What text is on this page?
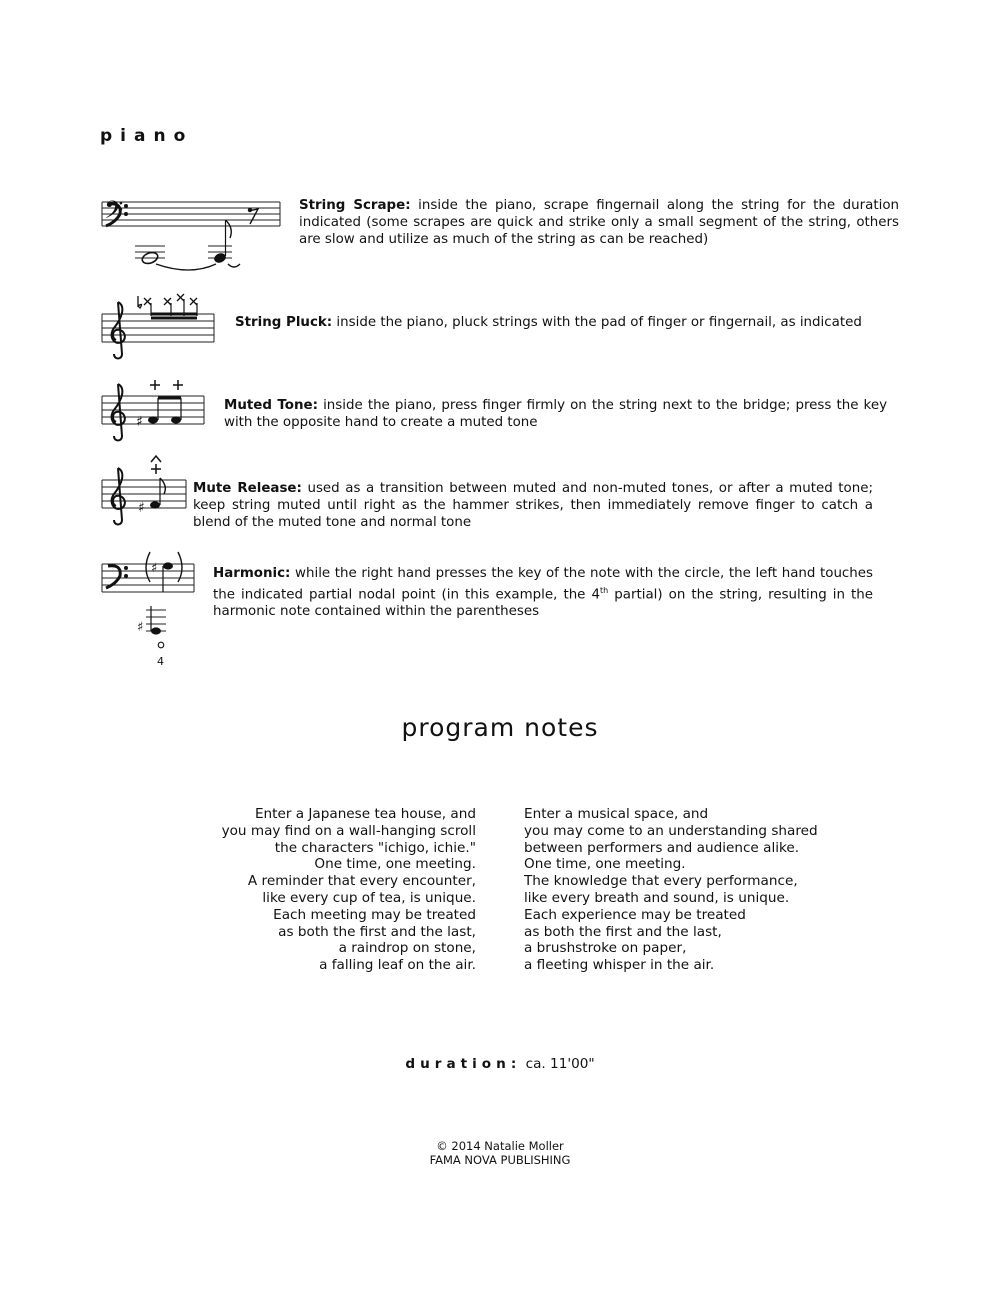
piano
𝄢	String Scrape: inside the piano, scrape fingernail along the string for the duration indicated (some scrapes are quick and strike only a small segment of the string, others are slow and utilize as much of the string as can be reached)
String Pluck: inside the piano, pluck strings with the pad of finger or fingernail, as indicated
♯
Muted Tone: inside the piano, press finger firmly on the string next to the bridge; press the key with the opposite hand to create a muted tone
♯
Mute Release: used as a transition between muted and non-muted tones, or after a muted tone; keep string muted until right as the hammer strikes, then immediately remove finger to catch a blend of the muted tone and normal tone
♯
♯
4
Harmonic: while the right hand presses the key of the note with the circle, the left hand touches the indicated partial nodal point (in this example, the 4th partial) on the string, resulting in the harmonic note contained within the parentheses
program notes
Enter a Japanese tea house, and
you may find on a wall-hanging scroll
the characters "ichigo, ichie."
One time, one meeting.
A reminder that every encounter,
like every cup of tea, is unique.
Each meeting may be treated
as both the first and the last,
a raindrop on stone,
a falling leaf on the air.
Enter a musical space, and
you may come to an understanding shared
between performers and audience alike.
One time, one meeting.
The knowledge that every performance,
like every breath and sound, is unique.
Each experience may be treated
as both the first and the last,
a brushstroke on paper,
a fleeting whisper in the air.
duration: ca. 11'00"
© 2014 Natalie Moller
FAMA NOVA PUBLISHING
